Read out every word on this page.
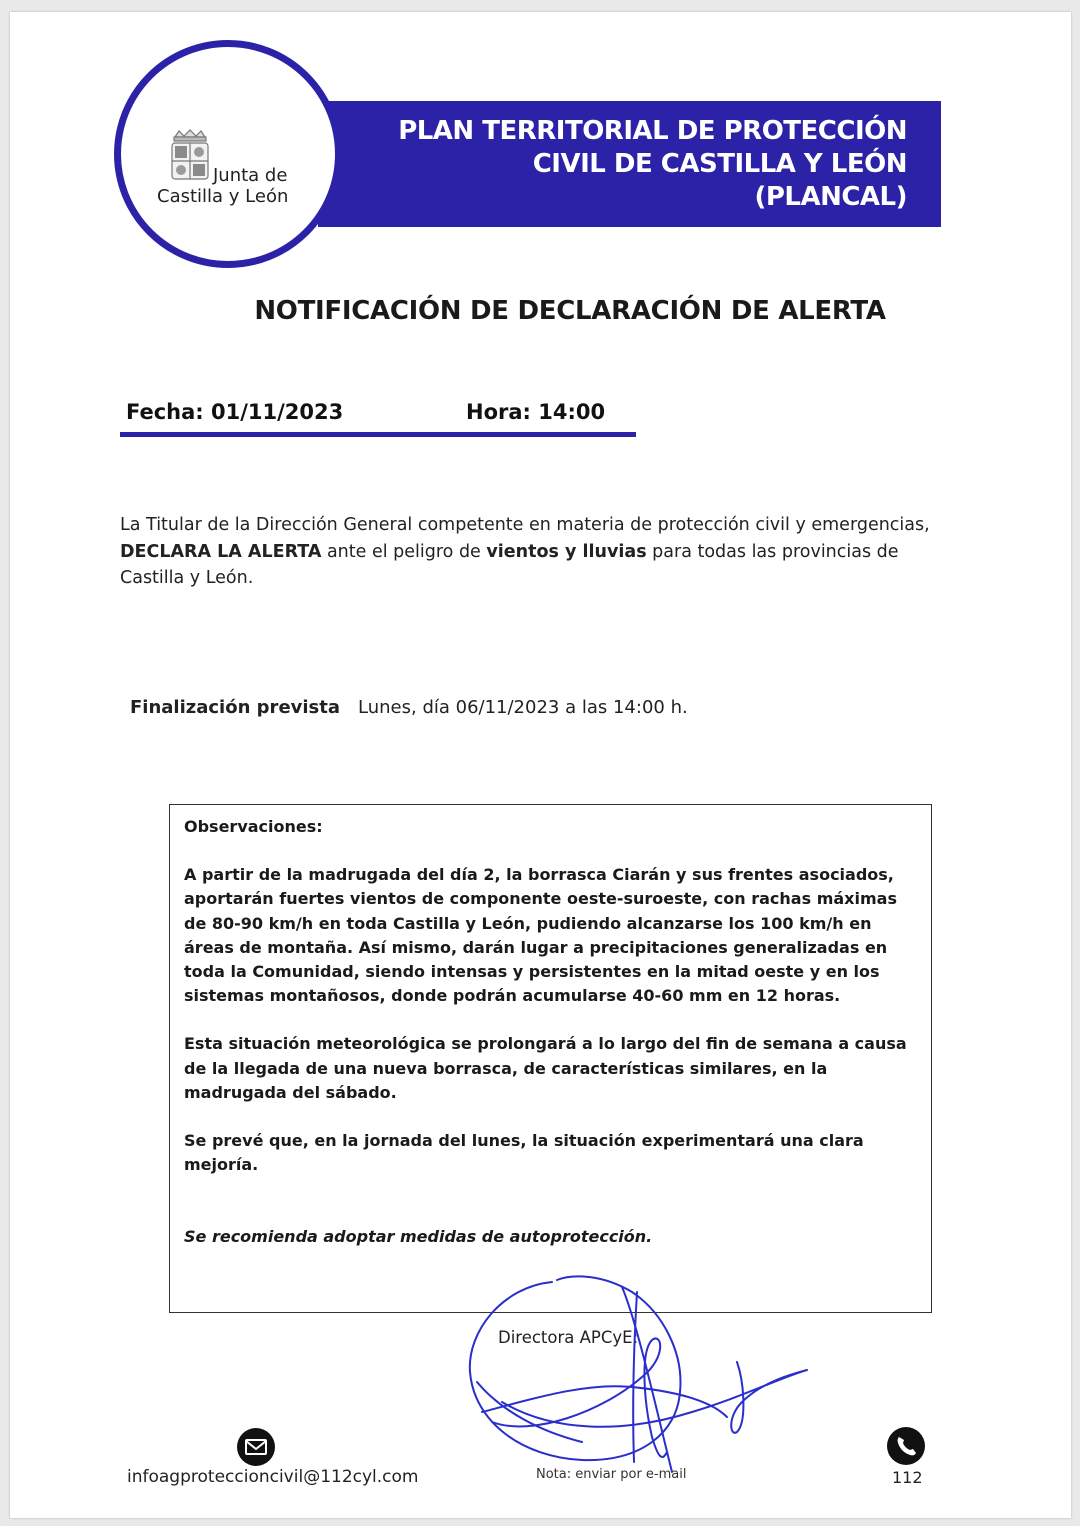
PLAN TERRITORIAL DE PROTECCIÓN
CIVIL DE CASTILLA Y LEÓN
(PLANCAL)
Junta de
Castilla y León
NOTIFICACIÓN DE DECLARACIÓN DE ALERTA
Fecha: 01/11/2023	Hora: 14:00
La Titular de la Dirección General competente en materia de protección civil y emergencias, DECLARA LA ALERTA ante el peligro de vientos y lluvias para todas las provincias de Castilla y León.
Finalización prevista Lunes, día 06/11/2023 a las 14:00 h.

Observaciones:

A partir de la madrugada del día 2, la borrasca Ciarán y sus frentes asociados, aportarán fuertes vientos de componente oeste-suroeste, con rachas máximas de 80-90 km/h en toda Castilla y León, pudiendo alcanzarse los 100 km/h en áreas de montaña. Así mismo, darán lugar a precipitaciones generalizadas en toda la Comunidad, siendo intensas y persistentes en la mitad oeste y en los sistemas montañosos, donde podrán acumularse 40-60 mm en 12 horas.

Esta situación meteorológica se prolongará a lo largo del fin de semana a causa de la llegada de una nueva borrasca, de características similares, en la madrugada del sábado.

Se prevé que, en la jornada del lunes, la situación experimentará una clara mejoría.

Se recomienda adoptar medidas de autoprotección.

Directora APCyE:
infoagproteccioncivil@112cyl.com	Nota: enviar por e-mail	112
